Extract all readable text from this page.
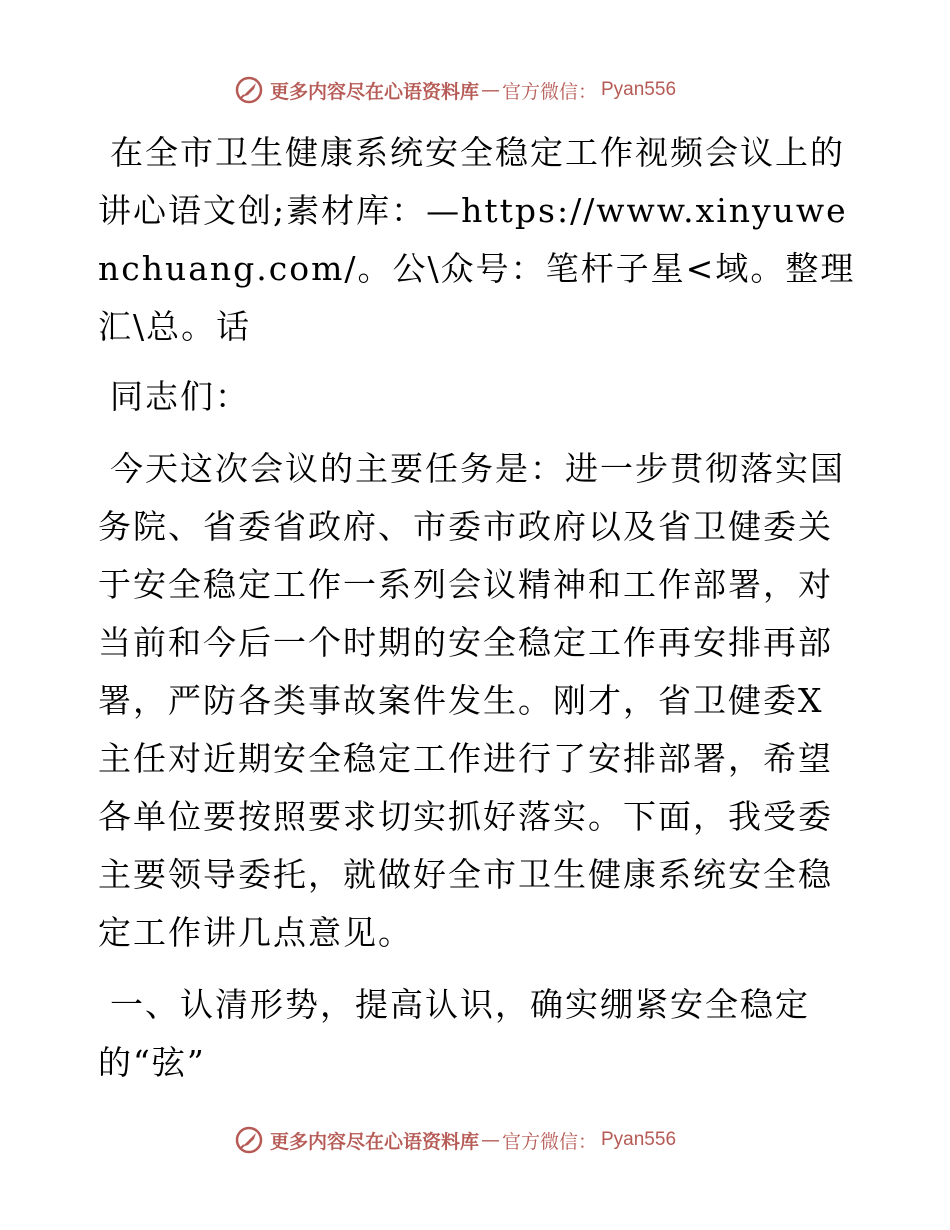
更多内容尽在心语资料库 — 官方微信： Pyan556

在全市卫生健康系统安全稳定工作视频会议上的
讲心语文创;素材库：—https://www.xinyuwenchuang.com/。公\众号：笔杆子星<域。整理汇\总。话

同志们：

今天这次会议的主要任务是：进一步贯彻落实国务院、省委省政府、市委市政府以及省卫健委关于安全稳定工作一系列会议精神和工作部署，对当前和今后一个时期的安全稳定工作再安排再部署，严防各类事故案件发生。刚才，省卫健委X主任对近期安全稳定工作进行了安排部署，希望各单位要按照要求切实抓好落实。下面，我受委主要领导委托，就做好全市卫生健康系统安全稳定工作讲几点意见。

一、认清形势，提高认识，确实绷紧安全稳定
的“弦”

更多内容尽在心语资料库 — 官方微信： Pyan556
